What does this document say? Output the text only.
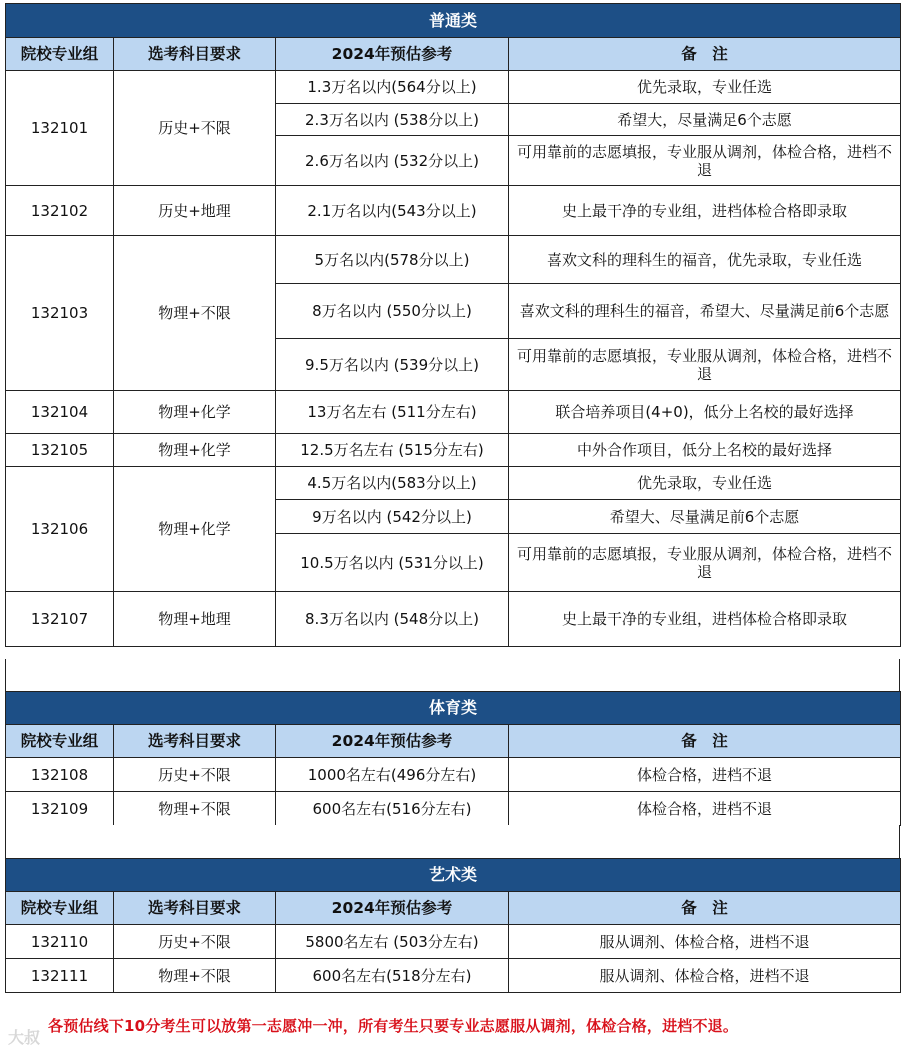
普通类			
院校专业组	选考科目要求	2024年预估参考	备　注
132101	历史+不限	1.3万名以内(564分以上)	优先录取，专业任选
		2.3万名以内 (538分以上)	希望大，尽量满足6个志愿
		2.6万名以内 (532分以上)	可用靠前的志愿填报，专业服从调剂，体检合格，进档不退
132102	历史+地理	2.1万名以内(543分以上)	史上最干净的专业组，进档体检合格即录取
132103	物理+不限	5万名以内(578分以上)	喜欢文科的理科生的福音，优先录取，专业任选
		8万名以内 (550分以上)	喜欢文科的理科生的福音，希望大、尽量满足前6个志愿
		9.5万名以内 (539分以上)	可用靠前的志愿填报，专业服从调剂，体检合格，进档不退
132104	物理+化学	13万名左右 (511分左右)	联合培养项目(4+0)，低分上名校的最好选择
132105	物理+化学	12.5万名左右 (515分左右)	中外合作项目，低分上名校的最好选择
132106	物理+化学	4.5万名以内(583分以上)	优先录取，专业任选
		9万名以内 (542分以上)	希望大、尽量满足前6个志愿
		10.5万名以内 (531分以上)	可用靠前的志愿填报，专业服从调剂，体检合格，进档不退
132107	物理+地理	8.3万名以内 (548分以上)	史上最干净的专业组，进档体检合格即录取
体育类			
院校专业组	选考科目要求	2024年预估参考	备　注
132108	历史+不限	1000名左右(496分左右)	体检合格，进档不退
132109	物理+不限	600名左右(516分左右)	体检合格，进档不退
艺术类			
院校专业组	选考科目要求	2024年预估参考	备　注
132110	历史+不限	5800名左右 (503分左右)	服从调剂、体检合格，进档不退
132111	物理+不限	600名左右(518分左右)	服从调剂、体检合格，进档不退
大叔
各预估线下10分考生可以放第一志愿冲一冲，所有考生只要专业志愿服从调剂，体检合格，进档不退。
